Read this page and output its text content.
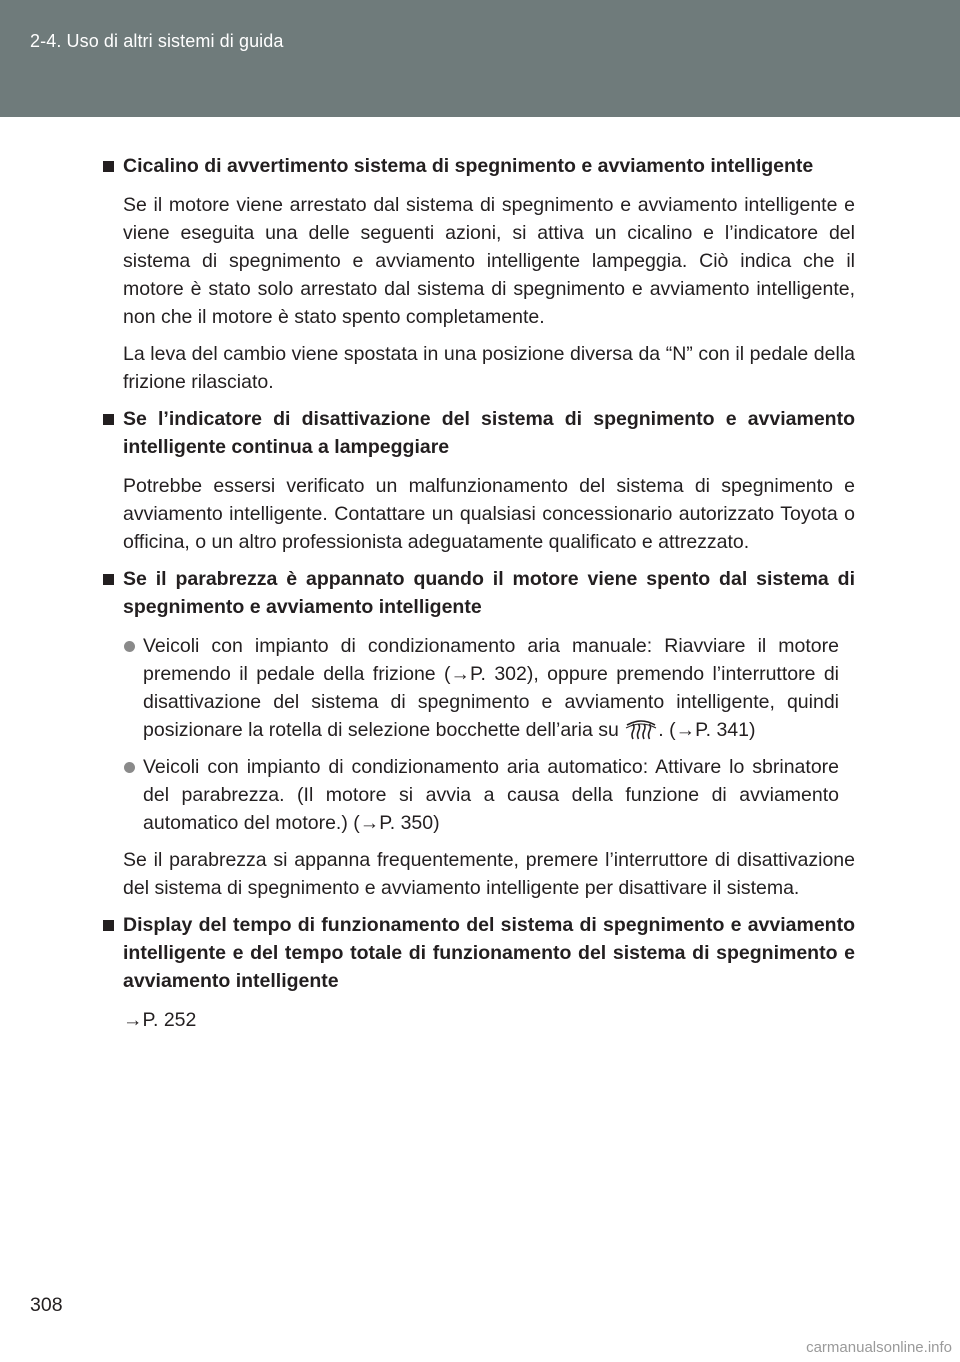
2-4. Uso di altri sistemi di guida
Cicalino di avvertimento sistema di spegnimento e avviamento intelligente
Se il motore viene arrestato dal sistema di spegnimento e avviamento intelligente e viene eseguita una delle seguenti azioni, si attiva un cicalino e l’indicatore del sistema di spegnimento e avviamento intelligente lampeggia. Ciò indica che il motore è stato solo arrestato dal sistema di spegnimento e avviamento intelligente, non che il motore è stato spento completamente.
La leva del cambio viene spostata in una posizione diversa da “N” con il pedale della frizione rilasciato.
Se l’indicatore di disattivazione del sistema di spegnimento e avviamento intelligente continua a lampeggiare
Potrebbe essersi verificato un malfunzionamento del sistema di spegnimento e avviamento intelligente. Contattare un qualsiasi concessionario autorizzato Toyota o officina, o un altro professionista adeguatamente qualificato e attrezzato.
Se il parabrezza è appannato quando il motore viene spento dal sistema di spegnimento e avviamento intelligente
Veicoli con impianto di condizionamento aria manuale: Riavviare il motore premendo il pedale della frizione (→P. 302), oppure premendo l’interruttore di disattivazione del sistema di spegnimento e avviamento intelligente, quindi posizionare la rotella di selezione bocchette dell’aria su . (→P. 341)
Veicoli con impianto di condizionamento aria automatico: Attivare lo sbrinatore del parabrezza. (Il motore si avvia a causa della funzione di avviamento automatico del motore.) (→P. 350)
Se il parabrezza si appanna frequentemente, premere l’interruttore di disattivazione del sistema di spegnimento e avviamento intelligente per disattivare il sistema.
Display del tempo di funzionamento del sistema di spegnimento e avviamento intelligente e del tempo totale di funzionamento del sistema di spegnimento e avviamento intelligente
→P. 252
308
carmanualsonline.info
